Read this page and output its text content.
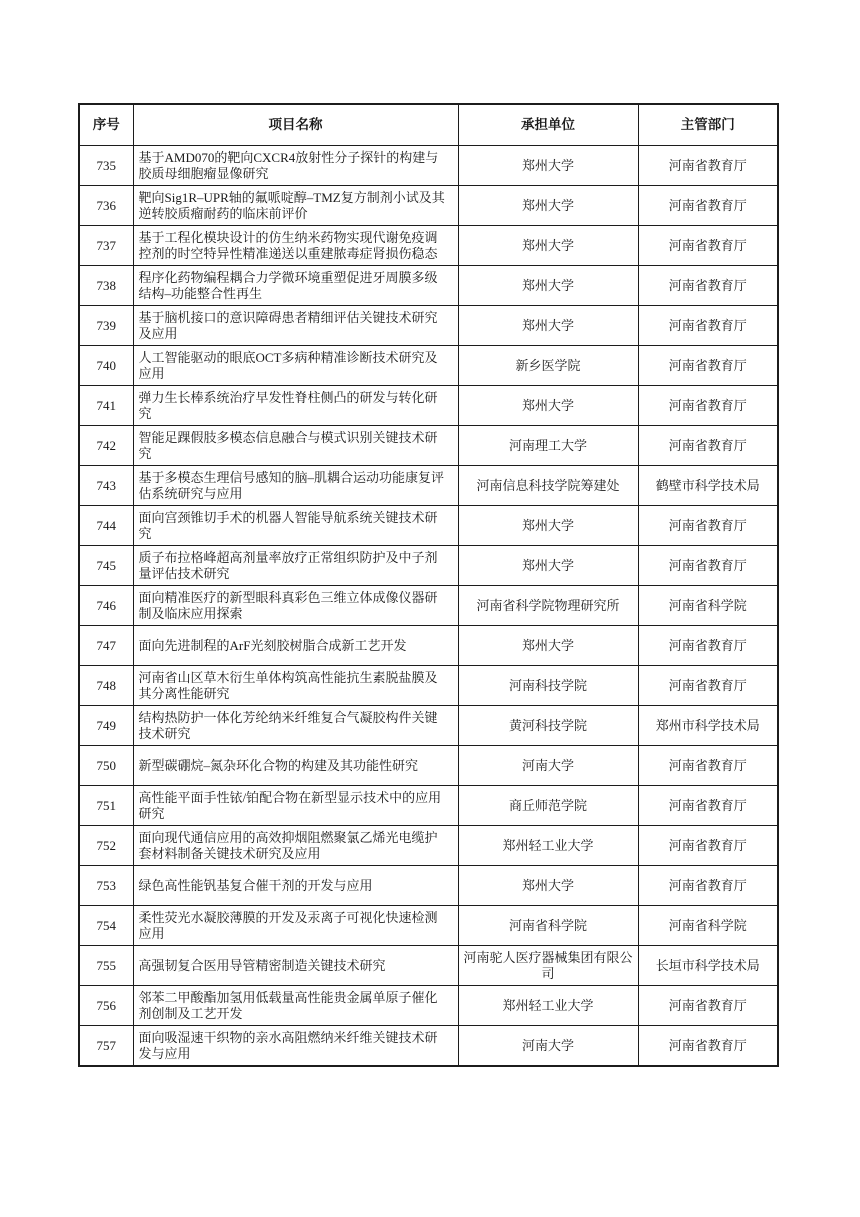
序号	项目名称	承担单位	主管部门
735	基于AMD070的靶向CXCR4放射性分子探针的构建与胶质母细胞瘤显像研究	郑州大学	河南省教育厅
736	靶向Sig1R–UPR轴的氟哌啶醇–TMZ复方制剂小试及其逆转胶质瘤耐药的临床前评价	郑州大学	河南省教育厅
737	基于工程化模块设计的仿生纳米药物实现代谢免疫调控剂的时空特异性精准递送以重建脓毒症肾损伤稳态	郑州大学	河南省教育厅
738	程序化药物编程耦合力学微环境重塑促进牙周膜多级结构–功能整合性再生	郑州大学	河南省教育厅
739	基于脑机接口的意识障碍患者精细评估关键技术研究及应用	郑州大学	河南省教育厅
740	人工智能驱动的眼底OCT多病种精准诊断技术研究及应用	新乡医学院	河南省教育厅
741	弹力生长棒系统治疗早发性脊柱侧凸的研发与转化研究	郑州大学	河南省教育厅
742	智能足踝假肢多模态信息融合与模式识别关键技术研究	河南理工大学	河南省教育厅
743	基于多模态生理信号感知的脑–肌耦合运动功能康复评估系统研究与应用	河南信息科技学院筹建处	鹤壁市科学技术局
744	面向宫颈锥切手术的机器人智能导航系统关键技术研究	郑州大学	河南省教育厅
745	质子布拉格峰超高剂量率放疗正常组织防护及中子剂量评估技术研究	郑州大学	河南省教育厅
746	面向精准医疗的新型眼科真彩色三维立体成像仪器研制及临床应用探索	河南省科学院物理研究所	河南省科学院
747	面向先进制程的ArF光刻胶树脂合成新工艺开发	郑州大学	河南省教育厅
748	河南省山区草木衍生单体构筑高性能抗生素脱盐膜及其分离性能研究	河南科技学院	河南省教育厅
749	结构热防护一体化芳纶纳米纤维复合气凝胶构件关键技术研究	黄河科技学院	郑州市科学技术局
750	新型碳硼烷–氮杂环化合物的构建及其功能性研究	河南大学	河南省教育厅
751	高性能平面手性铱/铂配合物在新型显示技术中的应用研究	商丘师范学院	河南省教育厅
752	面向现代通信应用的高效抑烟阻燃聚氯乙烯光电缆护套材料制备关键技术研究及应用	郑州轻工业大学	河南省教育厅
753	绿色高性能钒基复合催干剂的开发与应用	郑州大学	河南省教育厅
754	柔性荧光水凝胶薄膜的开发及汞离子可视化快速检测应用	河南省科学院	河南省科学院
755	高强韧复合医用导管精密制造关键技术研究	河南驼人医疗器械集团有限公司	长垣市科学技术局
756	邻苯二甲酸酯加氢用低载量高性能贵金属单原子催化剂创制及工艺开发	郑州轻工业大学	河南省教育厅
757	面向吸湿速干织物的亲水高阻燃纳米纤维关键技术研发与应用	河南大学	河南省教育厅
